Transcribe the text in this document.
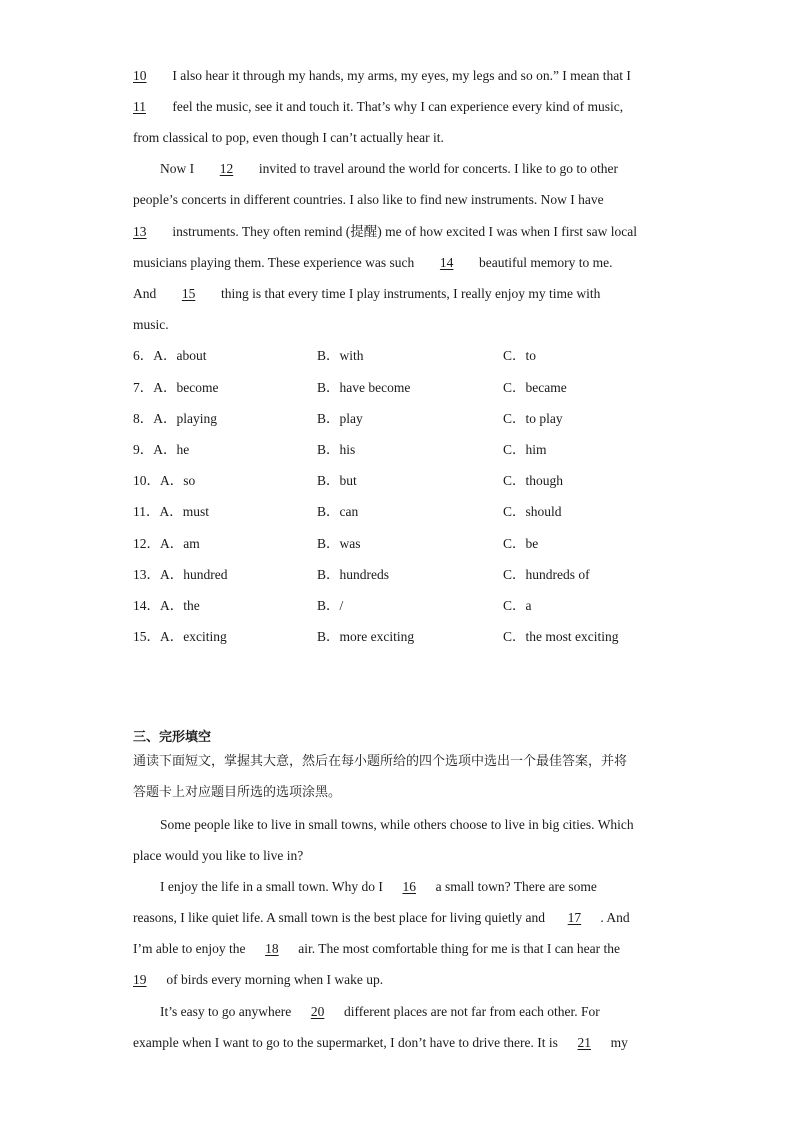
10 I also hear it through my hands, my arms, my eyes, my legs and so on.” I mean that I
11 feel the music, see it and touch it. That’s why I can experience every kind of music,
from classical to pop, even though I can’t actually hear it.
Now I 12 invited to travel around the world for concerts. I like to go to other
people’s concerts in different countries. I also like to find new instruments. Now I have
13 instruments. They often remind (提醒) me of how excited I was when I first saw local
musicians playing them. These experience was such 14 beautiful memory to me.
And 15 thing is that every time I play instruments, I really enjoy my time with
music.
6．A．about	B．with	C．to
7．A．become	B．have become	C．became
8．A．playing	B．play	C．to play
9．A．he	B．his	C．him
10．A．so	B．but	C．though
11．A．must	B．can	C．should
12．A．am	B．was	C．be
13．A．hundred	B．hundreds	C．hundreds of
14．A．the	B．/	C．a
15．A．exciting	B．more exciting	C．the most exciting
三、完形填空
通读下面短文，掌握其大意，然后在每小题所给的四个选项中选出一个最佳答案，并将
答题卡上对应题目所选的选项涂黑。
Some people like to live in small towns, while others choose to live in big cities. Which
place would you like to live in?
I enjoy the life in a small town. Why do I 16 a small town? There are some
reasons, I like quiet life. A small town is the best place for living quietly and 17 . And
I’m able to enjoy the 18 air. The most comfortable thing for me is that I can hear the
19 of birds every morning when I wake up.
It’s easy to go anywhere 20 different places are not far from each other. For
example when I want to go to the supermarket, I don’t have to drive there. It is 21 my
